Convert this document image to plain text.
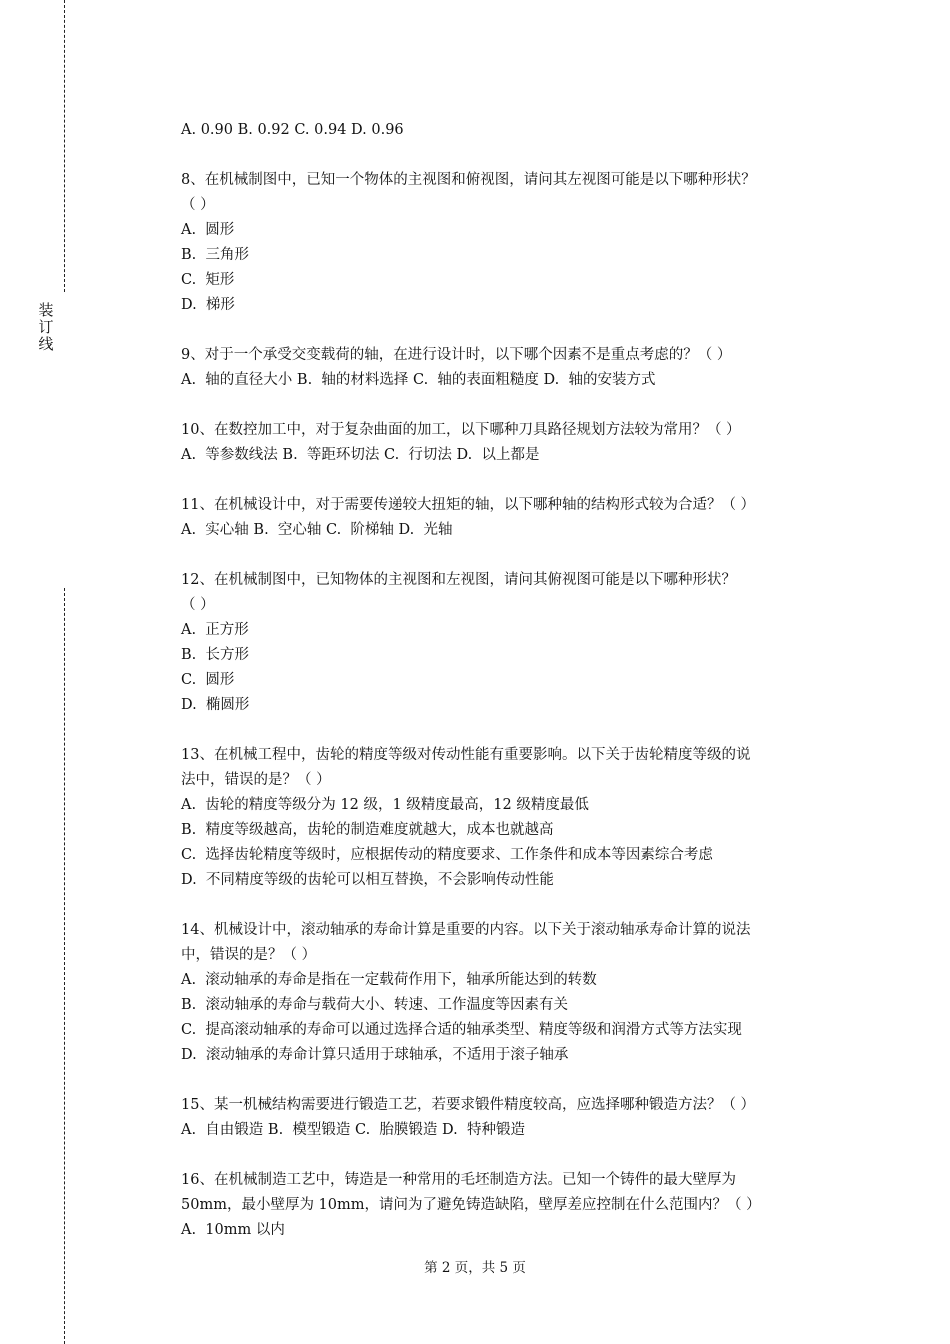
装
订
线
A. 0.90 B. 0.92 C. 0.94 D. 0.96
8、在机械制图中，已知一个物体的主视图和俯视图，请问其左视图可能是以下哪种形状？
（ ）
A.  圆形
B.  三角形
C.  矩形
D.  梯形
9、对于一个承受交变载荷的轴，在进行设计时，以下哪个因素不是重点考虑的？（ ）
A.  轴的直径大小 B.  轴的材料选择 C.  轴的表面粗糙度 D.  轴的安装方式
10、在数控加工中，对于复杂曲面的加工，以下哪种刀具路径规划方法较为常用？（ ）
A.  等参数线法 B.  等距环切法 C.  行切法 D.  以上都是
11、在机械设计中，对于需要传递较大扭矩的轴，以下哪种轴的结构形式较为合适？（ ）
A.  实心轴 B.  空心轴 C.  阶梯轴 D.  光轴
12、在机械制图中，已知物体的主视图和左视图，请问其俯视图可能是以下哪种形状？
（ ）
A.  正方形
B.  长方形
C.  圆形
D.  椭圆形
13、在机械工程中，齿轮的精度等级对传动性能有重要影响。以下关于齿轮精度等级的说
法中，错误的是？（ ）
A.  齿轮的精度等级分为 12 级，1 级精度最高，12 级精度最低
B.  精度等级越高，齿轮的制造难度就越大，成本也就越高
C.  选择齿轮精度等级时，应根据传动的精度要求、工作条件和成本等因素综合考虑
D.  不同精度等级的齿轮可以相互替换，不会影响传动性能
14、机械设计中，滚动轴承的寿命计算是重要的内容。以下关于滚动轴承寿命计算的说法
中，错误的是？（ ）
A.  滚动轴承的寿命是指在一定载荷作用下，轴承所能达到的转数
B.  滚动轴承的寿命与载荷大小、转速、工作温度等因素有关
C.  提高滚动轴承的寿命可以通过选择合适的轴承类型、精度等级和润滑方式等方法实现
D.  滚动轴承的寿命计算只适用于球轴承，不适用于滚子轴承
15、某一机械结构需要进行锻造工艺，若要求锻件精度较高，应选择哪种锻造方法？（ ）
A.  自由锻造 B.  模型锻造 C.  胎膜锻造 D.  特种锻造
16、在机械制造工艺中，铸造是一种常用的毛坯制造方法。已知一个铸件的最大壁厚为
50mm，最小壁厚为 10mm，请问为了避免铸造缺陷，壁厚差应控制在什么范围内？（ ）
A.  10mm 以内
第 2 页，共 5 页
